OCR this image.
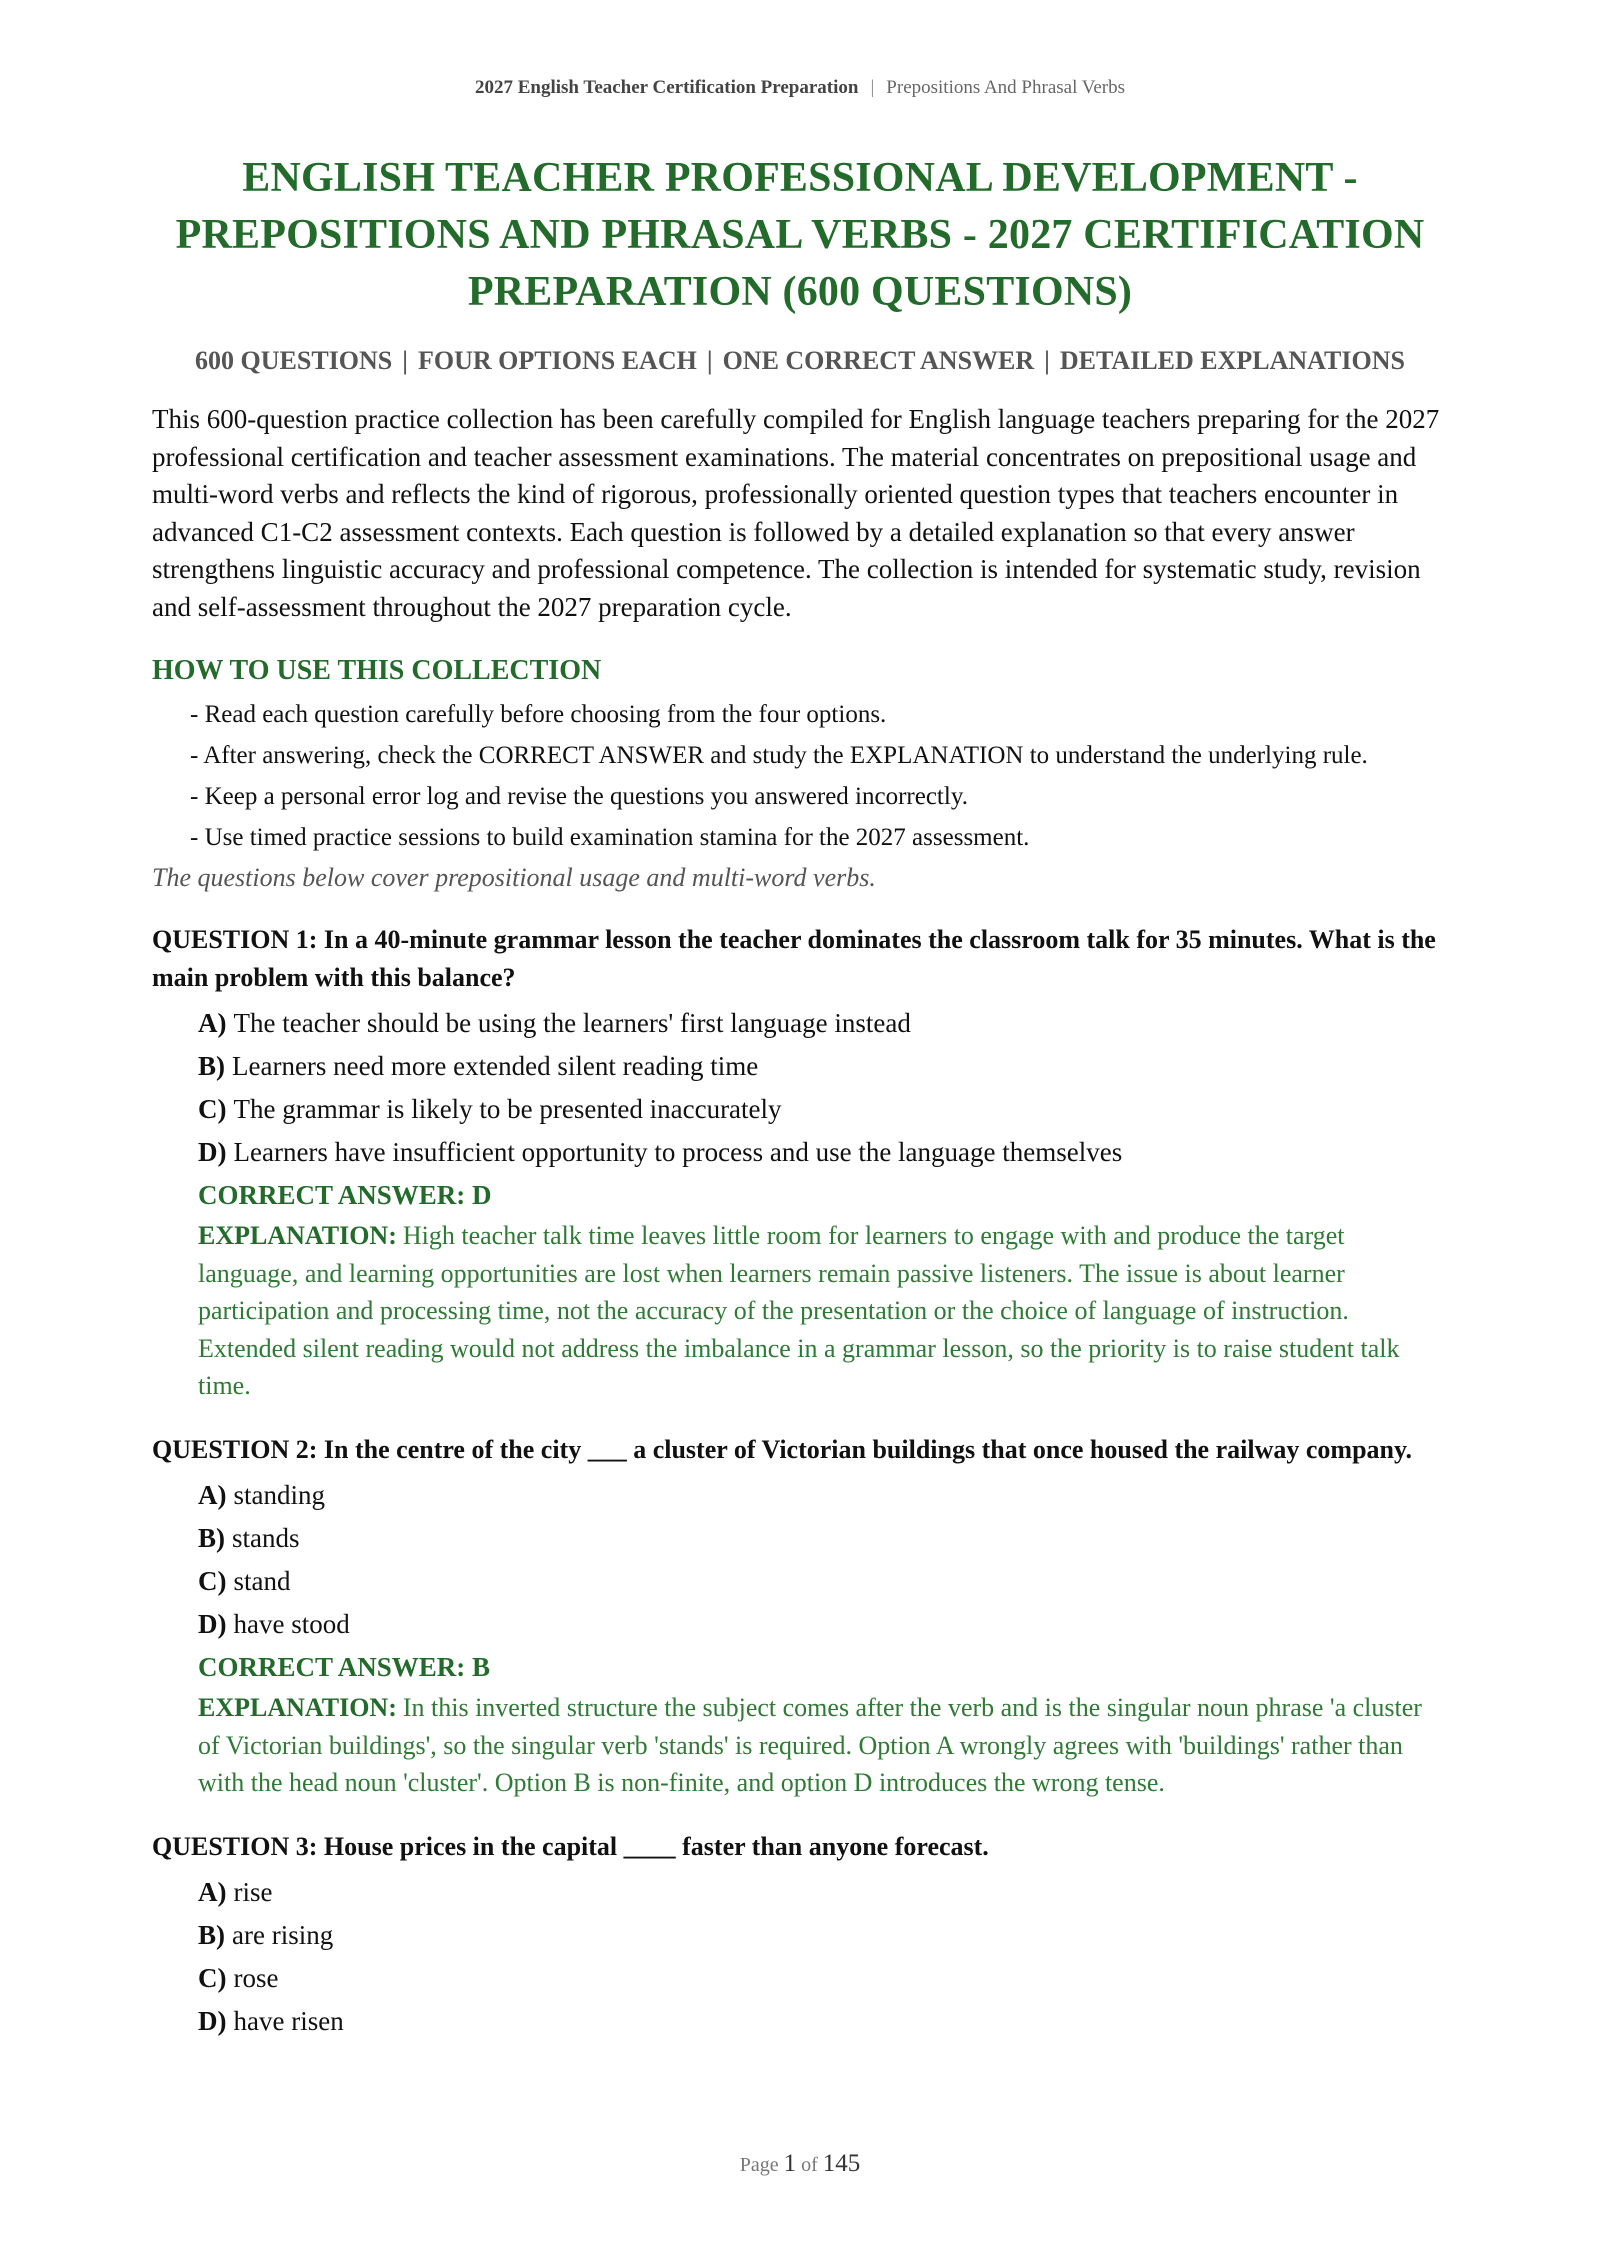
2027 English Teacher Certification Preparation | Prepositions And Phrasal Verbs
ENGLISH TEACHER PROFESSIONAL DEVELOPMENT - PREPOSITIONS AND PHRASAL VERBS - 2027 CERTIFICATION PREPARATION (600 QUESTIONS)
600 QUESTIONS | FOUR OPTIONS EACH | ONE CORRECT ANSWER | DETAILED EXPLANATIONS

This 600-question practice collection has been carefully compiled for English language teachers preparing for the 2027 professional certification and teacher assessment examinations. The material concentrates on prepositional usage and multi-word verbs and reflects the kind of rigorous, professionally oriented question types that teachers encounter in advanced C1-C2 assessment contexts. Each question is followed by a detailed explanation so that every answer strengthens linguistic accuracy and professional competence. The collection is intended for systematic study, revision and self-assessment throughout the 2027 preparation cycle.

HOW TO USE THIS COLLECTION
- Read each question carefully before choosing from the four options.
- After answering, check the CORRECT ANSWER and study the EXPLANATION to understand the underlying rule.
- Keep a personal error log and revise the questions you answered incorrectly.
- Use timed practice sessions to build examination stamina for the 2027 assessment.
The questions below cover prepositional usage and multi-word verbs.
QUESTION 1: In a 40-minute grammar lesson the teacher dominates the classroom talk for 35 minutes. What is the main problem with this balance?
A) The teacher should be using the learners' first language instead
B) Learners need more extended silent reading time
C) The grammar is likely to be presented inaccurately
D) Learners have insufficient opportunity to process and use the language themselves
CORRECT ANSWER: D
EXPLANATION: High teacher talk time leaves little room for learners to engage with and produce the target language, and learning opportunities are lost when learners remain passive listeners. The issue is about learner participation and processing time, not the accuracy of the presentation or the choice of language of instruction. Extended silent reading would not address the imbalance in a grammar lesson, so the priority is to raise student talk time.
QUESTION 2: In the centre of the city ___ a cluster of Victorian buildings that once housed the railway company.
A) standing
B) stands
C) stand
D) have stood
CORRECT ANSWER: B
EXPLANATION: In this inverted structure the subject comes after the verb and is the singular noun phrase 'a cluster of Victorian buildings', so the singular verb 'stands' is required. Option A wrongly agrees with 'buildings' rather than with the head noun 'cluster'. Option B is non-finite, and option D introduces the wrong tense.
QUESTION 3: House prices in the capital ____ faster than anyone forecast.
A) rise
B) are rising
C) rose
D) have risen
Page 1 of 145
